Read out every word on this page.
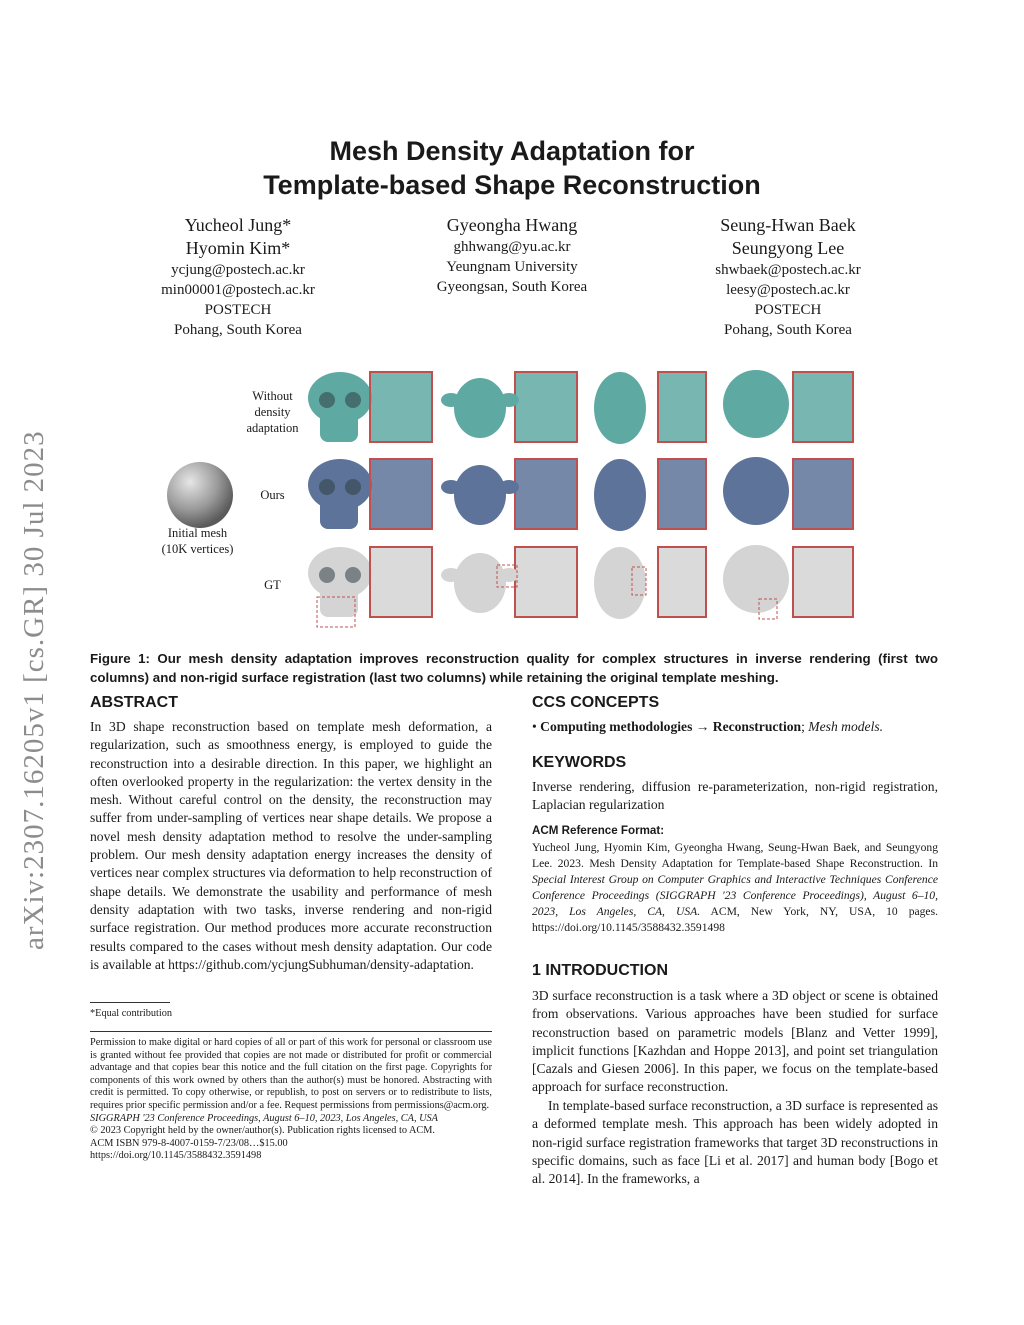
arXiv:2307.16205v1 [cs.GR] 30 Jul 2023
Mesh Density Adaptation for
Template-based Shape Reconstruction
Yucheol Jung*
Hyomin Kim*
ycjung@postech.ac.kr
min00001@postech.ac.kr
POSTECH
Pohang, South Korea
Gyeongha Hwang
ghhwang@yu.ac.kr
Yeungnam University
Gyeongsan, South Korea
Seung-Hwan Baek
Seungyong Lee
shwbaek@postech.ac.kr
leesy@postech.ac.kr
POSTECH
Pohang, South Korea
Initial mesh
(10K vertices)
Without density adaptation
Ours
GT
Figure 1: Our mesh density adaptation improves reconstruction quality for complex structures in inverse rendering (first two columns) and non-rigid surface registration (last two columns) while retaining the original template meshing.
ABSTRACT
In 3D shape reconstruction based on template mesh deformation, a regularization, such as smoothness energy, is employed to guide the reconstruction into a desirable direction. In this paper, we highlight an often overlooked property in the regularization: the vertex density in the mesh. Without careful control on the density, the reconstruction may suffer from under-sampling of vertices near shape details. We propose a novel mesh density adaptation method to resolve the under-sampling problem. Our mesh density adaptation energy increases the density of vertices near complex structures via deformation to help reconstruction of shape details. We demonstrate the usability and performance of mesh density adaptation with two tasks, inverse rendering and non-rigid surface registration. Our method produces more accurate reconstruction results compared to the cases without mesh density adaptation. Our code is available at https://github.com/ycjungSubhuman/density-adaptation.
*Equal contribution
Permission to make digital or hard copies of all or part of this work for personal or classroom use is granted without fee provided that copies are not made or distributed for profit or commercial advantage and that copies bear this notice and the full citation on the first page. Copyrights for components of this work owned by others than the author(s) must be honored. Abstracting with credit is permitted. To copy otherwise, or republish, to post on servers or to redistribute to lists, requires prior specific permission and/or a fee. Request permissions from permissions@acm.org.
SIGGRAPH '23 Conference Proceedings, August 6–10, 2023, Los Angeles, CA, USA
© 2023 Copyright held by the owner/author(s). Publication rights licensed to ACM.
ACM ISBN 979-8-4007-0159-7/23/08…$15.00
https://doi.org/10.1145/3588432.3591498
CCS CONCEPTS
• Computing methodologies → Reconstruction; Mesh models.
KEYWORDS
Inverse rendering, diffusion re-parameterization, non-rigid registration, Laplacian regularization
ACM Reference Format:
Yucheol Jung, Hyomin Kim, Gyeongha Hwang, Seung-Hwan Baek, and Seungyong Lee. 2023. Mesh Density Adaptation for Template-based Shape Reconstruction. In Special Interest Group on Computer Graphics and Interactive Techniques Conference Conference Proceedings (SIGGRAPH '23 Conference Proceedings), August 6–10, 2023, Los Angeles, CA, USA. ACM, New York, NY, USA, 10 pages. https://doi.org/10.1145/3588432.3591498
1 INTRODUCTION
3D surface reconstruction is a task where a 3D object or scene is obtained from observations. Various approaches have been studied for surface reconstruction based on parametric models [Blanz and Vetter 1999], implicit functions [Kazhdan and Hoppe 2013], and point set triangulation [Cazals and Giesen 2006]. In this paper, we focus on the template-based approach for surface reconstruction.
In template-based surface reconstruction, a 3D surface is represented as a deformed template mesh. This approach has been widely adopted in non-rigid surface registration frameworks that target 3D reconstructions in specific domains, such as face [Li et al. 2017] and human body [Bogo et al. 2014]. In the frameworks, a
